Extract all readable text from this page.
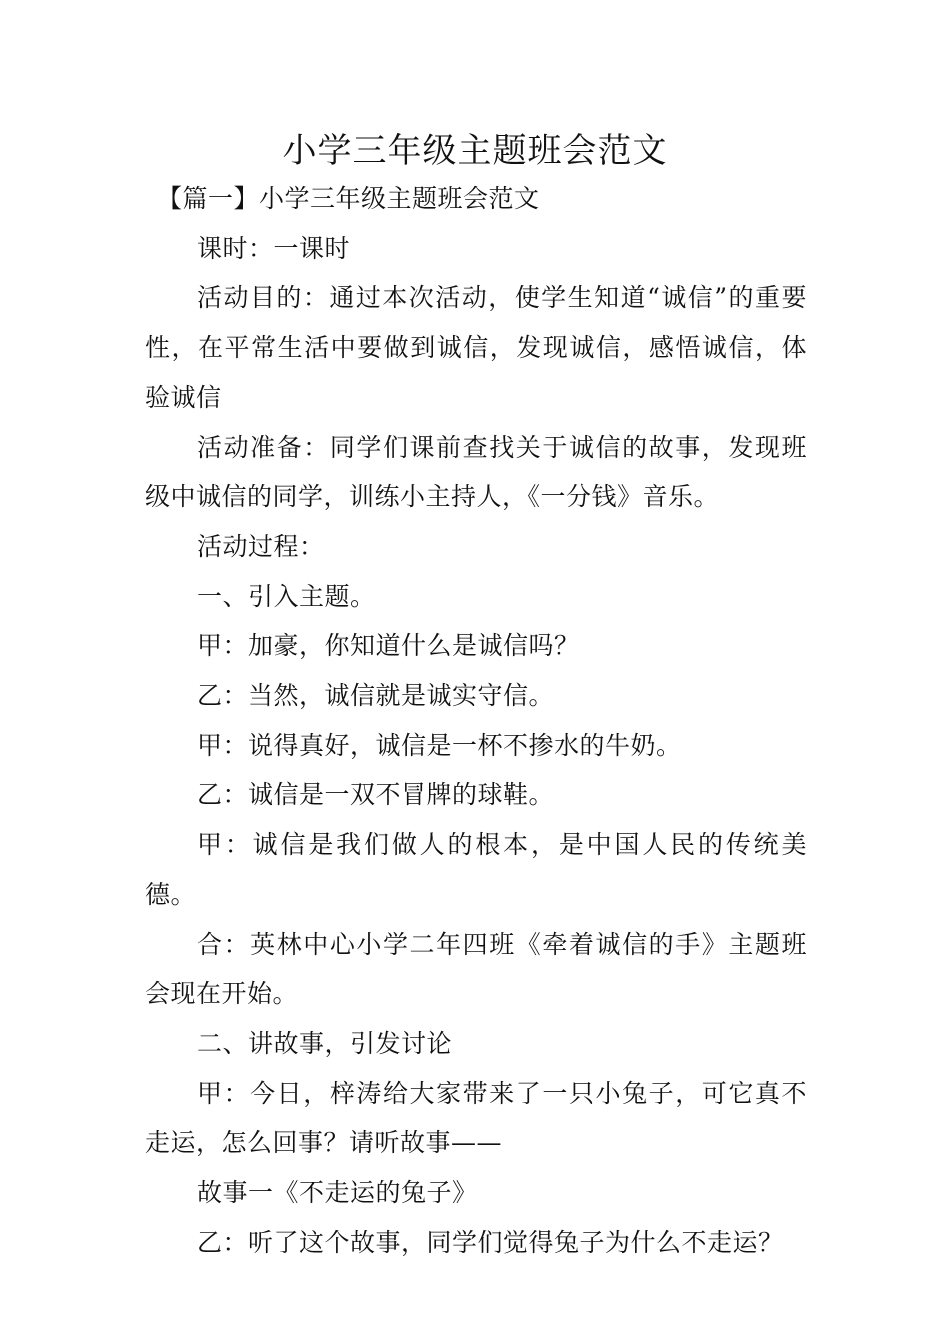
小学三年级主题班会范文

【篇一】小学三年级主题班会范文

课时：一课时

活动目的：通过本次活动，使学生知道“诚信”的重要性，在平常生活中要做到诚信，发现诚信，感悟诚信，体验诚信

活动准备：同学们课前查找关于诚信的故事，发现班级中诚信的同学，训练小主持人，《一分钱》音乐。

活动过程：

一、引入主题。

甲：加豪，你知道什么是诚信吗？

乙：当然，诚信就是诚实守信。

甲：说得真好，诚信是一杯不掺水的牛奶。

乙：诚信是一双不冒牌的球鞋。

甲：诚信是我们做人的根本，是中国人民的传统美德。

合：英林中心小学二年四班《牵着诚信的手》主题班会现在开始。

二、讲故事，引发讨论

甲：今日，梓涛给大家带来了一只小兔子，可它真不走运，怎么回事？请听故事——

故事一《不走运的兔子》

乙：听了这个故事，同学们觉得兔子为什么不走运？
